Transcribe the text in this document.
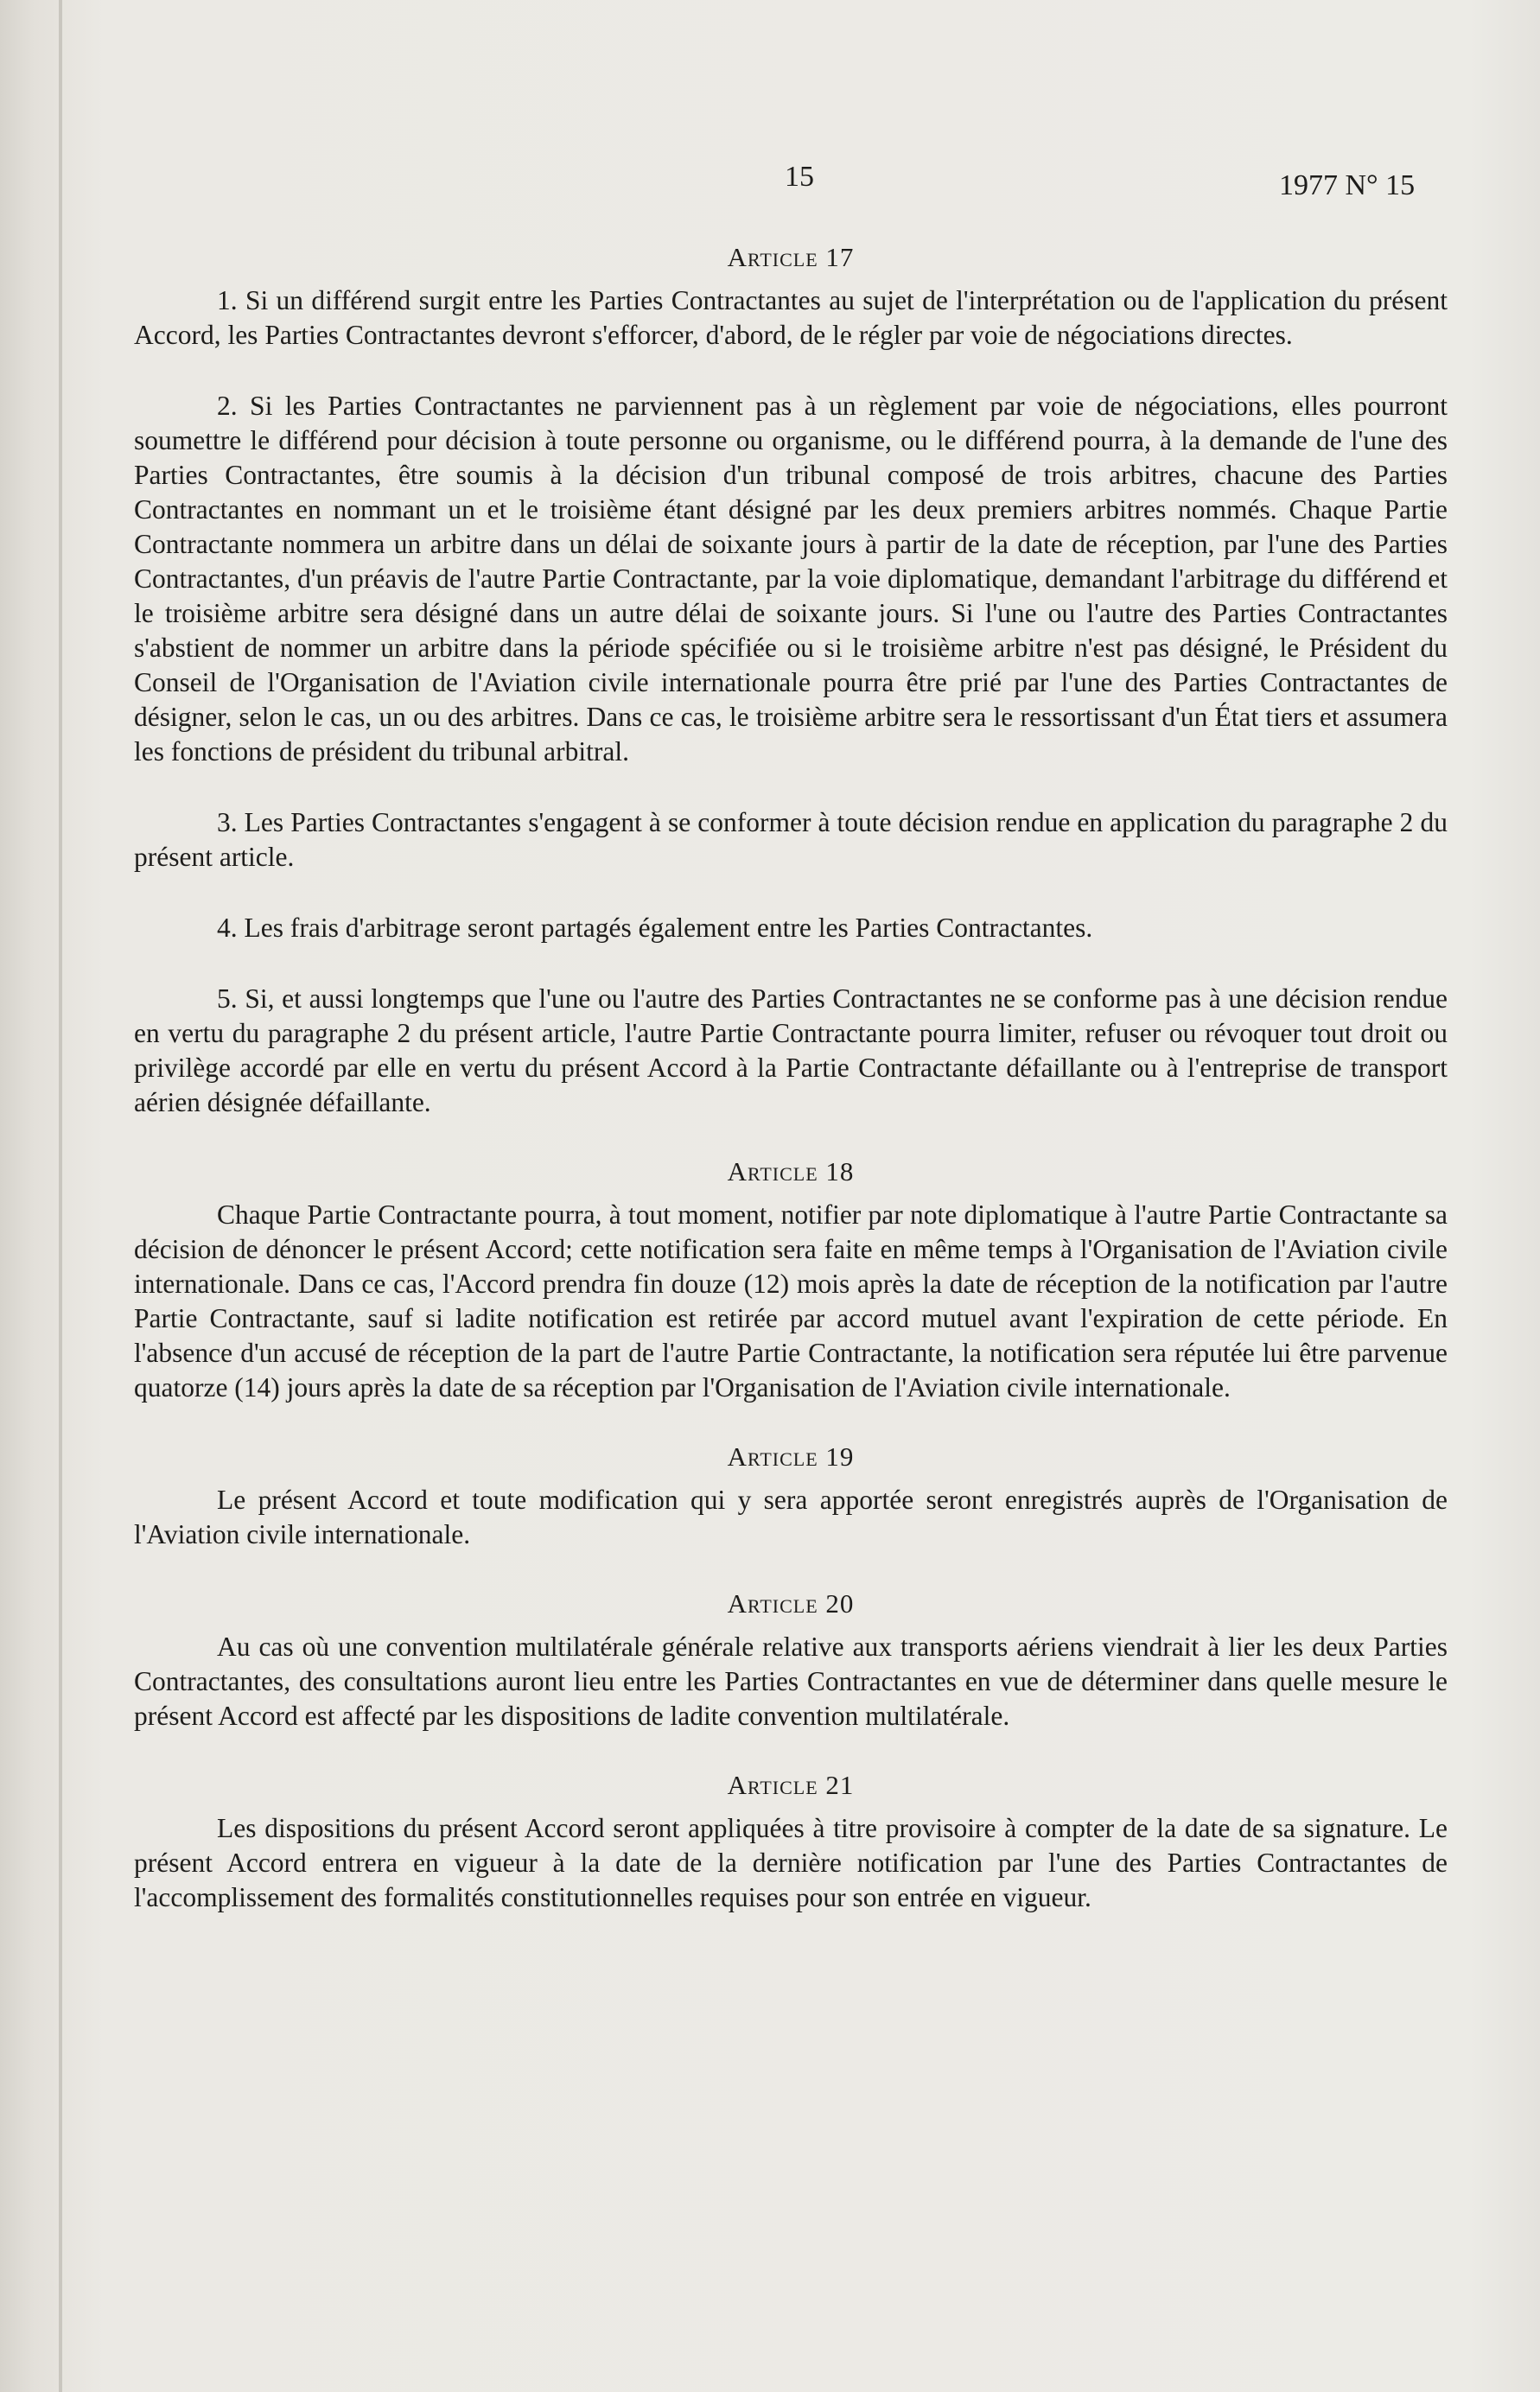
15	1977 N° 15
Article 17

1. Si un différend surgit entre les Parties Contractantes au sujet de l'interprétation ou de l'application du présent Accord, les Parties Contractantes devront s'efforcer, d'abord, de le régler par voie de négociations directes.

2. Si les Parties Contractantes ne parviennent pas à un règlement par voie de négociations, elles pourront soumettre le différend pour décision à toute personne ou organisme, ou le différend pourra, à la demande de l'une des Parties Contractantes, être soumis à la décision d'un tribunal composé de trois arbitres, chacune des Parties Contractantes en nommant un et le troisième étant désigné par les deux premiers arbitres nommés. Chaque Partie Contractante nommera un arbitre dans un délai de soixante jours à partir de la date de réception, par l'une des Parties Contractantes, d'un préavis de l'autre Partie Contractante, par la voie diplomatique, demandant l'arbitrage du différend et le troisième arbitre sera désigné dans un autre délai de soixante jours. Si l'une ou l'autre des Parties Contractantes s'abstient de nommer un arbitre dans la période spécifiée ou si le troisième arbitre n'est pas désigné, le Président du Conseil de l'Organisation de l'Aviation civile internationale pourra être prié par l'une des Parties Contractantes de désigner, selon le cas, un ou des arbitres. Dans ce cas, le troisième arbitre sera le ressortissant d'un État tiers et assumera les fonctions de président du tribunal arbitral.

3. Les Parties Contractantes s'engagent à se conformer à toute décision rendue en application du paragraphe 2 du présent article.

4. Les frais d'arbitrage seront partagés également entre les Parties Contractantes.

5. Si, et aussi longtemps que l'une ou l'autre des Parties Contractantes ne se conforme pas à une décision rendue en vertu du paragraphe 2 du présent article, l'autre Partie Contractante pourra limiter, refuser ou révoquer tout droit ou privilège accordé par elle en vertu du présent Accord à la Partie Contractante défaillante ou à l'entreprise de transport aérien désignée défaillante.

Article 18

Chaque Partie Contractante pourra, à tout moment, notifier par note diplomatique à l'autre Partie Contractante sa décision de dénoncer le présent Accord; cette notification sera faite en même temps à l'Organisation de l'Aviation civile internationale. Dans ce cas, l'Accord prendra fin douze (12) mois après la date de réception de la notification par l'autre Partie Contractante, sauf si ladite notification est retirée par accord mutuel avant l'expiration de cette période. En l'absence d'un accusé de réception de la part de l'autre Partie Contractante, la notification sera réputée lui être parvenue quatorze (14) jours après la date de sa réception par l'Organisation de l'Aviation civile internationale.

Article 19

Le présent Accord et toute modification qui y sera apportée seront enregistrés auprès de l'Organisation de l'Aviation civile internationale.

Article 20

Au cas où une convention multilatérale générale relative aux transports aériens viendrait à lier les deux Parties Contractantes, des consultations auront lieu entre les Parties Contractantes en vue de déterminer dans quelle mesure le présent Accord est affecté par les dispositions de ladite convention multilatérale.

Article 21

Les dispositions du présent Accord seront appliquées à titre provisoire à compter de la date de sa signature. Le présent Accord entrera en vigueur à la date de la dernière notification par l'une des Parties Contractantes de l'accomplissement des formalités constitutionnelles requises pour son entrée en vigueur.
